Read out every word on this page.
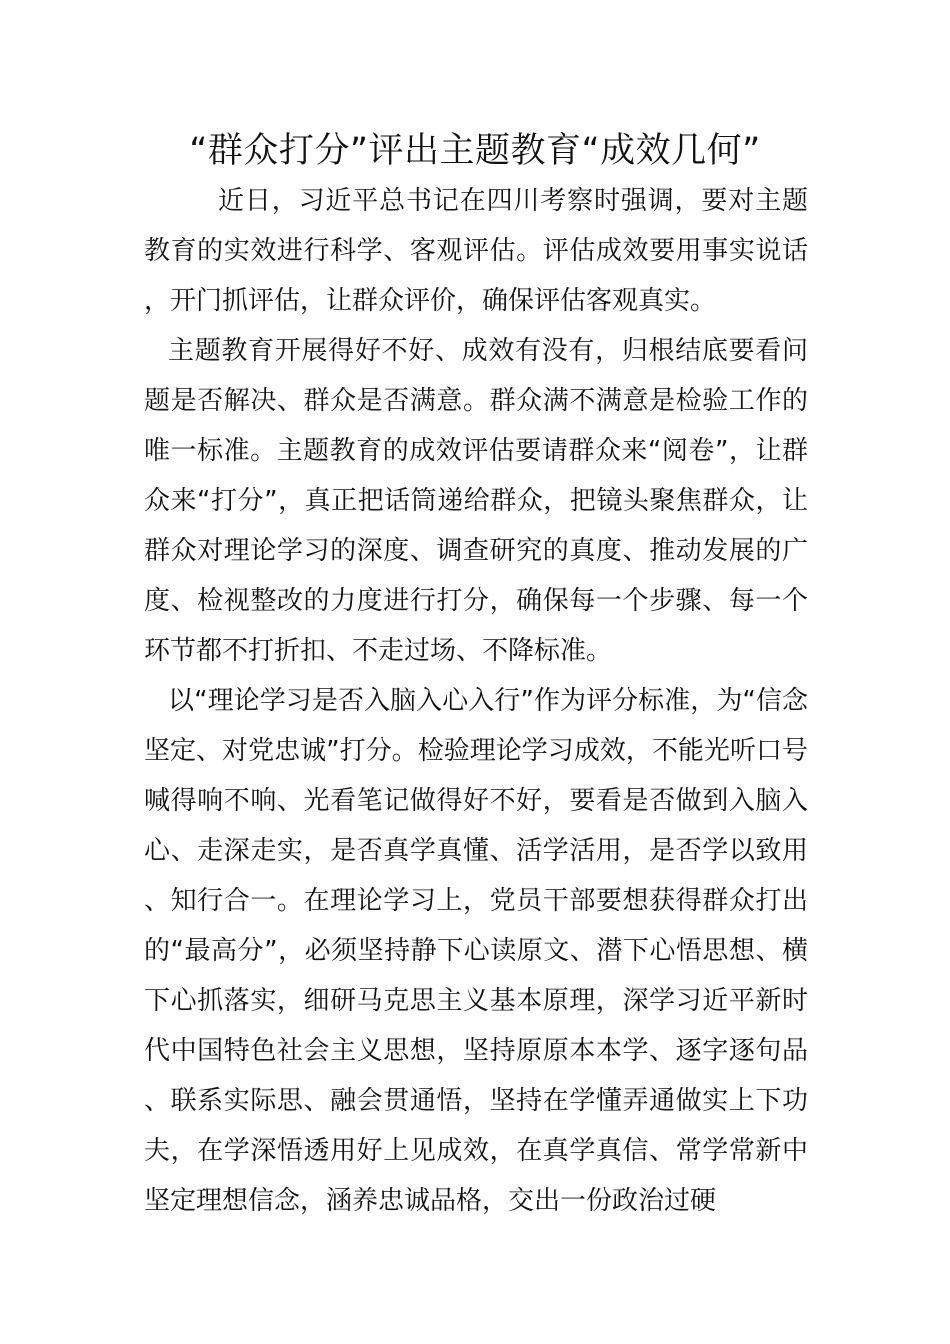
“群众打分”评出主题教育“成效几何”

近日，习近平总书记在四川考察时强调，要对主题教育的实效进行科学、客观评估。评估成效要用事实说话，开门抓评估，让群众评价，确保评估客观真实。

主题教育开展得好不好、成效有没有，归根结底要看问题是否解决、群众是否满意。群众满不满意是检验工作的唯一标准。主题教育的成效评估要请群众来“阅卷”，让群众来“打分”，真正把话筒递给群众，把镜头聚焦群众，让群众对理论学习的深度、调查研究的真度、推动发展的广度、检视整改的力度进行打分，确保每一个步骤、每一个环节都不打折扣、不走过场、不降标准。

以“理论学习是否入脑入心入行”作为评分标准，为“信念坚定、对党忠诚”打分。检验理论学习成效，不能光听口号喊得响不响、光看笔记做得好不好，要看是否做到入脑入心、走深走实，是否真学真懂、活学活用，是否学以致用、知行合一。在理论学习上，党员干部要想获得群众打出的“最高分”，必须坚持静下心读原文、潜下心悟思想、横下心抓落实，细研马克思主义基本原理，深学习近平新时代中国特色社会主义思想，坚持原原本本学、逐字逐句品、联系实际思、融会贯通悟，坚持在学懂弄通做实上下功夫，在学深悟透用好上见成效，在真学真信、常学常新中坚定理想信念，涵养忠诚品格，交出一份政治过硬
